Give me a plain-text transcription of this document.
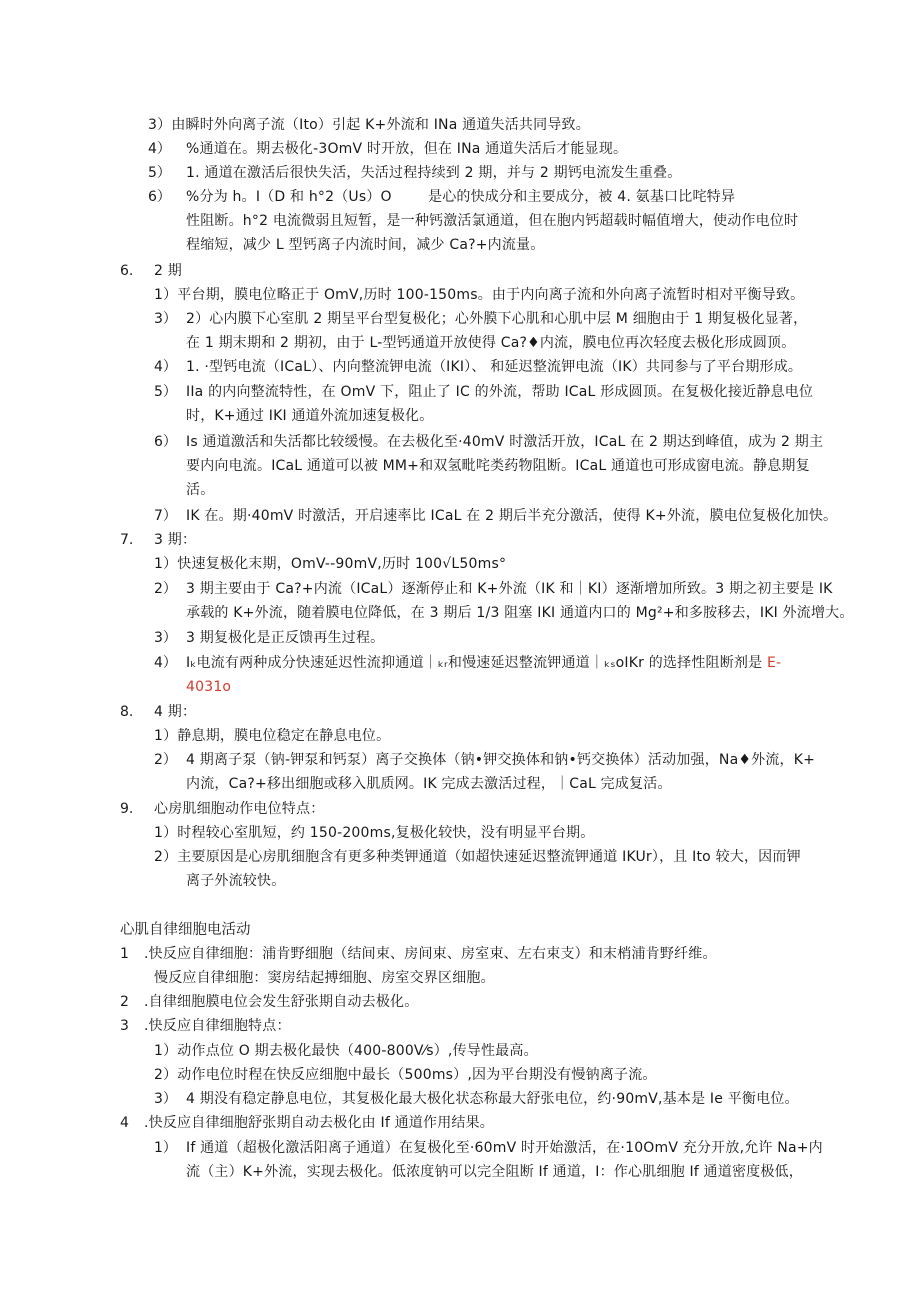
3）由瞬时外向离子流（Ito）引起 K+外流和 INa 通道失活共同导致。
4） %通道在。期去极化-3OmV 时开放，但在 INa 通道失活后才能显现。
5） 1. 通道在激活后很快失活，失活过程持续到 2 期，并与 2 期钙电流发生重叠。
6） %分为 h。I（D 和 h°2（Us）O	是心的快成分和主要成分，被 4. 氨基口比咤特异
性阻断。h°2 电流微弱且短暂，是一种钙激活氯通道，但在胞内钙超载时幅值增大，使动作电位时
程缩短，减少 L 型钙离子内流时间，减少 Ca?+内流量。
6. 2 期
1）平台期，膜电位略正于 OmV,历时 100-150ms。由于内向离子流和外向离子流暂时相对平衡导致。
3） 2）心内膜下心室肌 2 期呈平台型复极化；心外膜下心肌和心肌中层 M 细胞由于 1 期复极化显著，
在 1 期末期和 2 期初，由于 L-型钙通道开放使得 Ca?♦内流，膜电位再次轻度去极化形成圆顶。
4） 1. ·型钙电流（ICaL）、内向整流钾电流（IKI）、 和延迟整流钾电流（IK）共同参与了平台期形成。
5） IIa 的内向整流特性，在 OmV 下，阻止了 IC 的外流，帮助 ICaL 形成圆顶。在复极化接近静息电位
时，K+通过 IKI 通道外流加速复极化。
6） Is 通道激活和失活都比较缓慢。在去极化至·40mV 时激活开放，ICaL 在 2 期达到峰值，成为 2 期主
要内向电流。ICaL 通道可以被 MM+和双氢毗咤类药物阻断。ICaL 通道也可形成窗电流。静息期复
活。
7） IK 在。期·40mV 时激活，开启速率比 ICaL 在 2 期后半充分激活，使得 K+外流，膜电位复极化加快。
7. 3 期：
1）快速复极化末期，OmV--90mV,历时 100√L50ms°
2） 3 期主要由于 Ca?+内流（ICaL）逐渐停止和 K+外流（IK 和｜KI）逐渐增加所致。3 期之初主要是 IK
承载的 K+外流，随着膜电位降低，在 3 期后 1/3 阻塞 IKI 通道内口的 Mg²+和多胺移去，IKI 外流增大。
3） 3 期复极化是正反馈再生过程。
4） Iₖ电流有两种成分快速延迟性流抑通道｜ₖᵣ和慢速延迟整流钾通道｜ₖₛoIKr 的选择性阻断剂是 E-
4031o
8. 4 期：
1）静息期，膜电位稳定在静息电位。
2） 4 期离子泵（钠-钾泵和钙泵）离子交换体（钠•钾交换体和钠•钙交换体）活动加强，Na♦外流，K+
内流，Ca?+移出细胞或移入肌质网。IK 完成去激活过程，｜CaL 完成复活。
9. 心房肌细胞动作电位特点：
1）时程较心室肌短，约 150-200ms,复极化较快，没有明显平台期。
2）主要原因是心房肌细胞含有更多种类钾通道（如超快速延迟整流钾通道 IKUr），且 Ito 较大，因而钾
离子外流较快。
心肌自律细胞电活动
1 .快反应自律细胞：浦肯野细胞（结间束、房间束、房室束、左右束支）和末梢浦肯野纤维。
慢反应自律细胞：窦房结起搏细胞、房室交界区细胞。
2 .自律细胞膜电位会发生舒张期自动去极化。
3 .快反应自律细胞特点：
1）动作点位 O 期去极化最快（400-800V⁄s）,传导性最高。
2）动作电位时程在快反应细胞中最长（500ms）,因为平台期没有慢钠离子流。
3） 4 期没有稳定静息电位，其复极化最大极化状态称最大舒张电位，约·90mV,基本是 Ie 平衡电位。
4 .快反应自律细胞舒张期自动去极化由 If 通道作用结果。
1） If 通道（超极化激活阳离子通道）在复极化至·60mV 时开始激活，在·10OmV 充分开放,允许 Na+内
流（主）K+外流，实现去极化。低浓度钠可以完全阻断 If 通道，I：作心肌细胞 If 通道密度极低，
